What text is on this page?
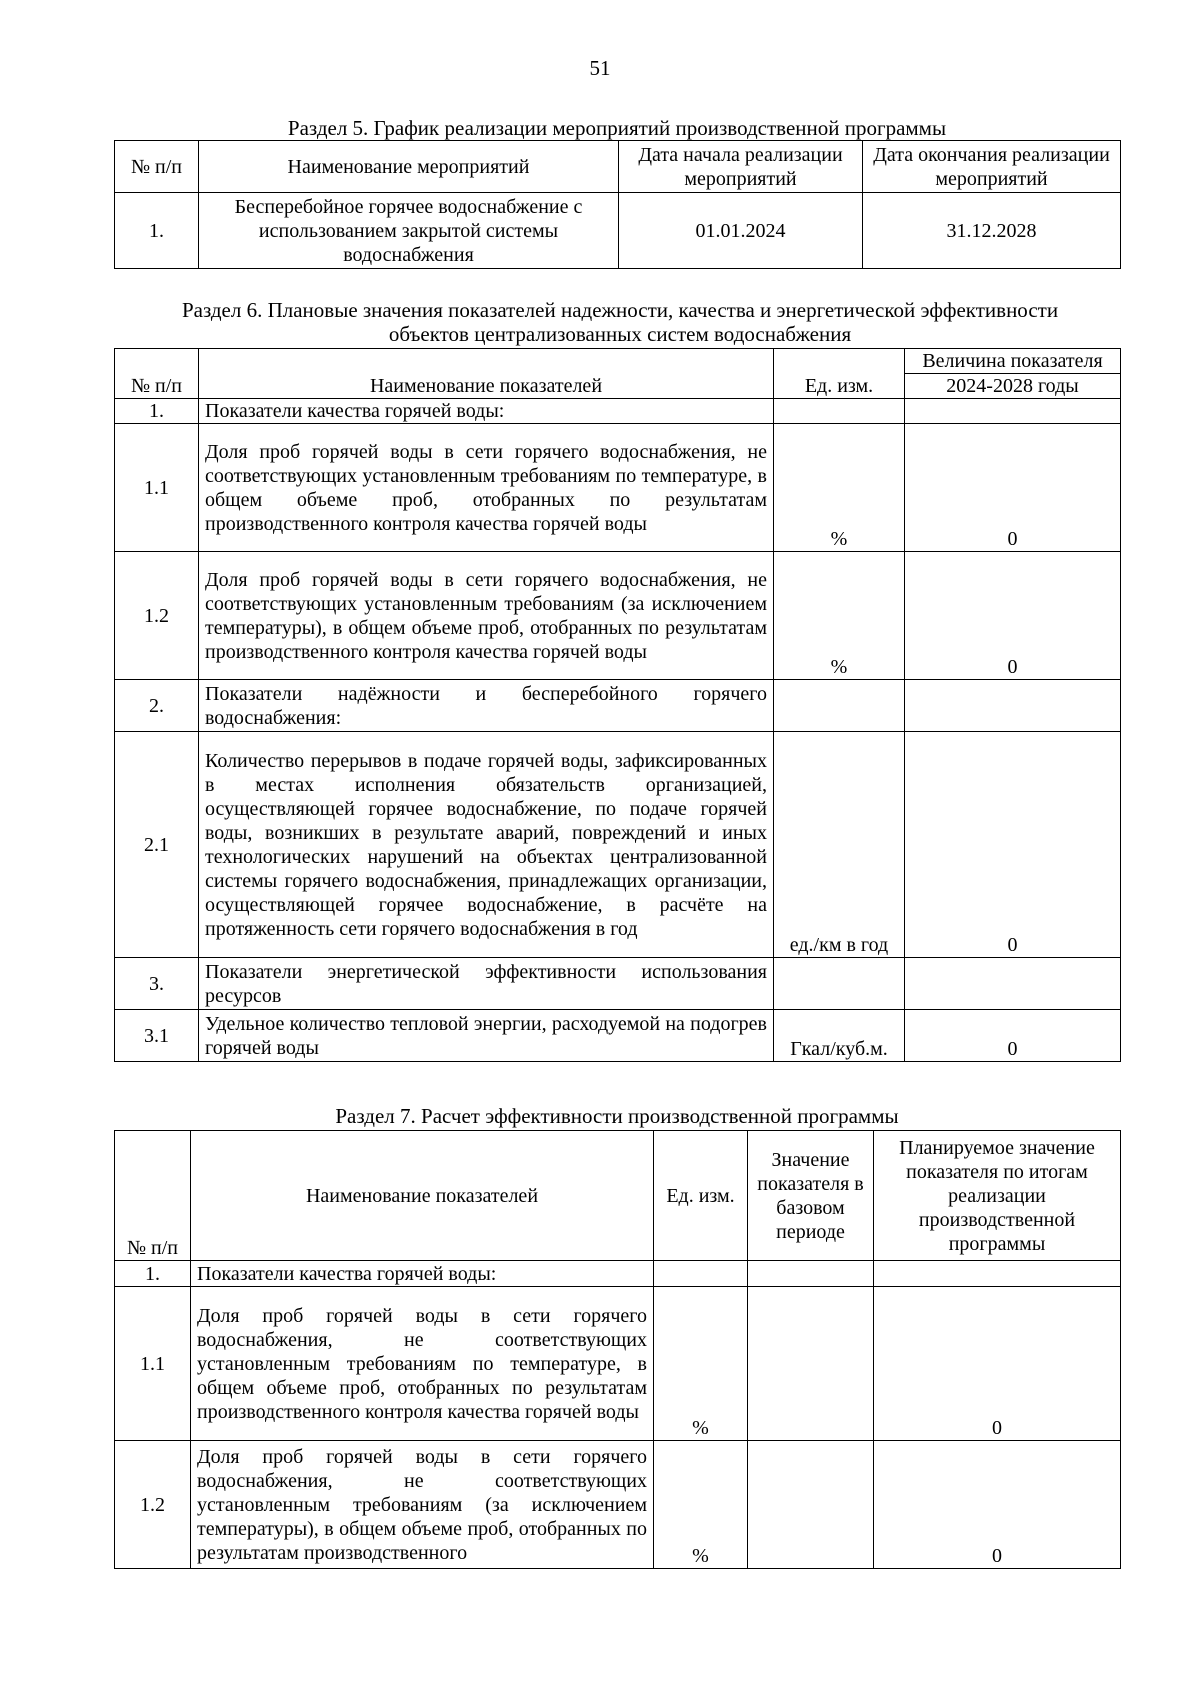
51
Раздел 5. График реализации мероприятий производственной программы
№ п/п	Наименование мероприятий	Дата начала реализации мероприятий	Дата окончания реализации мероприятий
1.	Бесперебойное горячее водоснабжение с использованием закрытой системы водоснабжения	01.01.2024	31.12.2028
Раздел 6. Плановые значения показателей надежности, качества и энергетической эффективности объектов централизованных систем водоснабжения
№ п/п	Наименование показателей	Ед. изм.	Величина показателя
			2024-2028 годы
1.	Показатели качества горячей воды:		
1.1	Доля проб горячей воды в сети горячего водоснабжения, не соответствующих установленным требованиям по температуре, в общем объеме проб, отобранных по результатам производственного контроля качества горячей воды	%	0
1.2	Доля проб горячей воды в сети горячего водоснабжения, не соответствующих установленным требованиям (за исключением температуры), в общем объеме проб, отобранных по результатам производственного контроля качества горячей воды	%	0
2.	Показатели надёжности и бесперебойного горячего водоснабжения:		
2.1	Количество перерывов в подаче горячей воды, зафиксированных в местах исполнения обязательств организацией, осуществляющей горячее водоснабжение, по подаче горячей воды, возникших в результате аварий, повреждений и иных технологических нарушений на объектах централизованной системы горячего водоснабжения, принадлежащих организации, осуществляющей горячее водоснабжение, в расчёте на протяженность сети горячего водоснабжения в год	ед./км в год	0
3.	Показатели энергетической эффективности использования ресурсов		
3.1	Удельное количество тепловой энергии, расходуемой на подогрев горячей воды	Гкал/куб.м.	0
Раздел 7. Расчет эффективности производственной программы
№ п/п	Наименование показателей	Ед. изм.	Значение показателя в базовом периоде	Планируемое значение показателя по итогам реализации производственной программы
1.	Показатели качества горячей воды:			
1.1	Доля проб горячей воды в сети горячего водоснабжения, не соответствующих установленным требованиям по температуре, в общем объеме проб, отобранных по результатам производственного контроля качества горячей воды	%		0
1.2	Доля проб горячей воды в сети горячего водоснабжения, не соответствующих установленным требованиям (за исключением температуры), в общем объеме проб, отобранных по результатам производственного	%		0
